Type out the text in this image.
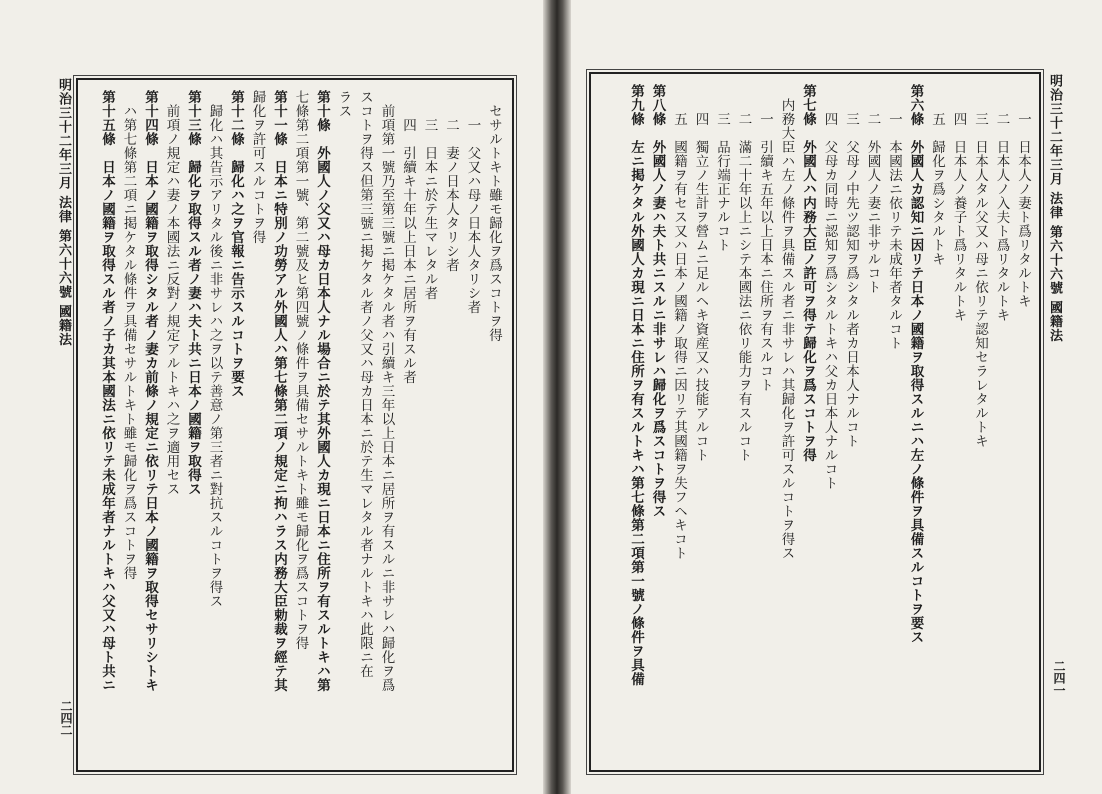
明治三十二年三月 法律 第六十六號 國籍法
二四二
セサルトキト雖モ歸化ヲ爲スコトヲ得
一　父又ハ母ノ日本人タリシ者
二　妻ノ日本人タリシ者
三　日本ニ於テ生マレタル者
四　引續キ十年以上日本ニ居所ヲ有スル者
前項第一號乃至第三號ニ掲ケタル者ハ引續キ三年以上日本ニ居所ヲ有スルニ非サレハ歸化ヲ爲
スコトヲ得ス但第三號ニ掲ケタル者ノ父又ハ母カ日本ニ於テ生マレタル者ナルトキハ此限ニ在
ラス
第十條　外國人ノ父又ハ母カ日本人ナル場合ニ於テ其外國人カ現ニ日本ニ住所ヲ有スルトキハ第
七條第二項第一號、第二號及ヒ第四號ノ條件ヲ具備セサルトキト雖モ歸化ヲ爲スコトヲ得
第十一條　日本ニ特別ノ功勞アル外國人ハ第七條第二項ノ規定ニ拘ハラス内務大臣勅裁ヲ經テ其
歸化ヲ許可スルコトヲ得
第十二條　歸化ハ之ヲ官報ニ告示スルコトヲ要ス
歸化ハ其告示アリタル後ニ非サレハ之ヲ以テ善意ノ第三者ニ對抗スルコトヲ得ス
第十三條　歸化ヲ取得スル者ノ妻ハ夫ト共ニ日本ノ國籍ヲ取得ス
前項ノ規定ハ妻ノ本國法ニ反對ノ規定アルトキハ之ヲ適用セス
第十四條　日本ノ國籍ヲ取得シタル者ノ妻カ前條ノ規定ニ依リテ日本ノ國籍ヲ取得セサリシトキ
ハ第七條第二項ニ掲ケタル條件ヲ具備セサルトキト雖モ歸化ヲ爲スコトヲ得
第十五條　日本ノ國籍ヲ取得スル者ノ子カ其本國法ニ依リテ未成年者ナルトキハ父又ハ母ト共ニ	明治三十二年三月 法律 第六十六號 國籍法
二四一
一　日本人ノ妻ト爲リタルトキ
二　日本人ノ入夫ト爲リタルトキ
三　日本人タル父又ハ母ニ依リテ認知セラレタルトキ
四　日本人ノ養子ト爲リタルトキ
五　歸化ヲ爲シタルトキ
第六條　外國人カ認知ニ因リテ日本ノ國籍ヲ取得スルニハ左ノ條件ヲ具備スルコトヲ要ス
一　本國法ニ依リテ未成年者タルコト
二　外國人ノ妻ニ非サルコト
三　父母ノ中先ツ認知ヲ爲シタル者カ日本人ナルコト
四　父母カ同時ニ認知ヲ爲シタルトキハ父カ日本人ナルコト
第七條　外國人ハ内務大臣ノ許可ヲ得テ歸化ヲ爲スコトヲ得
内務大臣ハ左ノ條件ヲ具備スル者ニ非サレハ其歸化ヲ許可スルコトヲ得ス
一　引續キ五年以上日本ニ住所ヲ有スルコト
二　滿二十年以上ニシテ本國法ニ依リ能力ヲ有スルコト
三　品行端正ナルコト
四　獨立ノ生計ヲ營ムニ足ルヘキ資産又ハ技能アルコト
五　國籍ヲ有セス又ハ日本ノ國籍ノ取得ニ因リテ其國籍ヲ失フヘキコト
第八條　外國人ノ妻ハ夫ト共ニスルニ非サレハ歸化ヲ爲スコトヲ得ス
第九條　左ニ掲ケタル外國人カ現ニ日本ニ住所ヲ有スルトキハ第七條第二項第一號ノ條件ヲ具備
